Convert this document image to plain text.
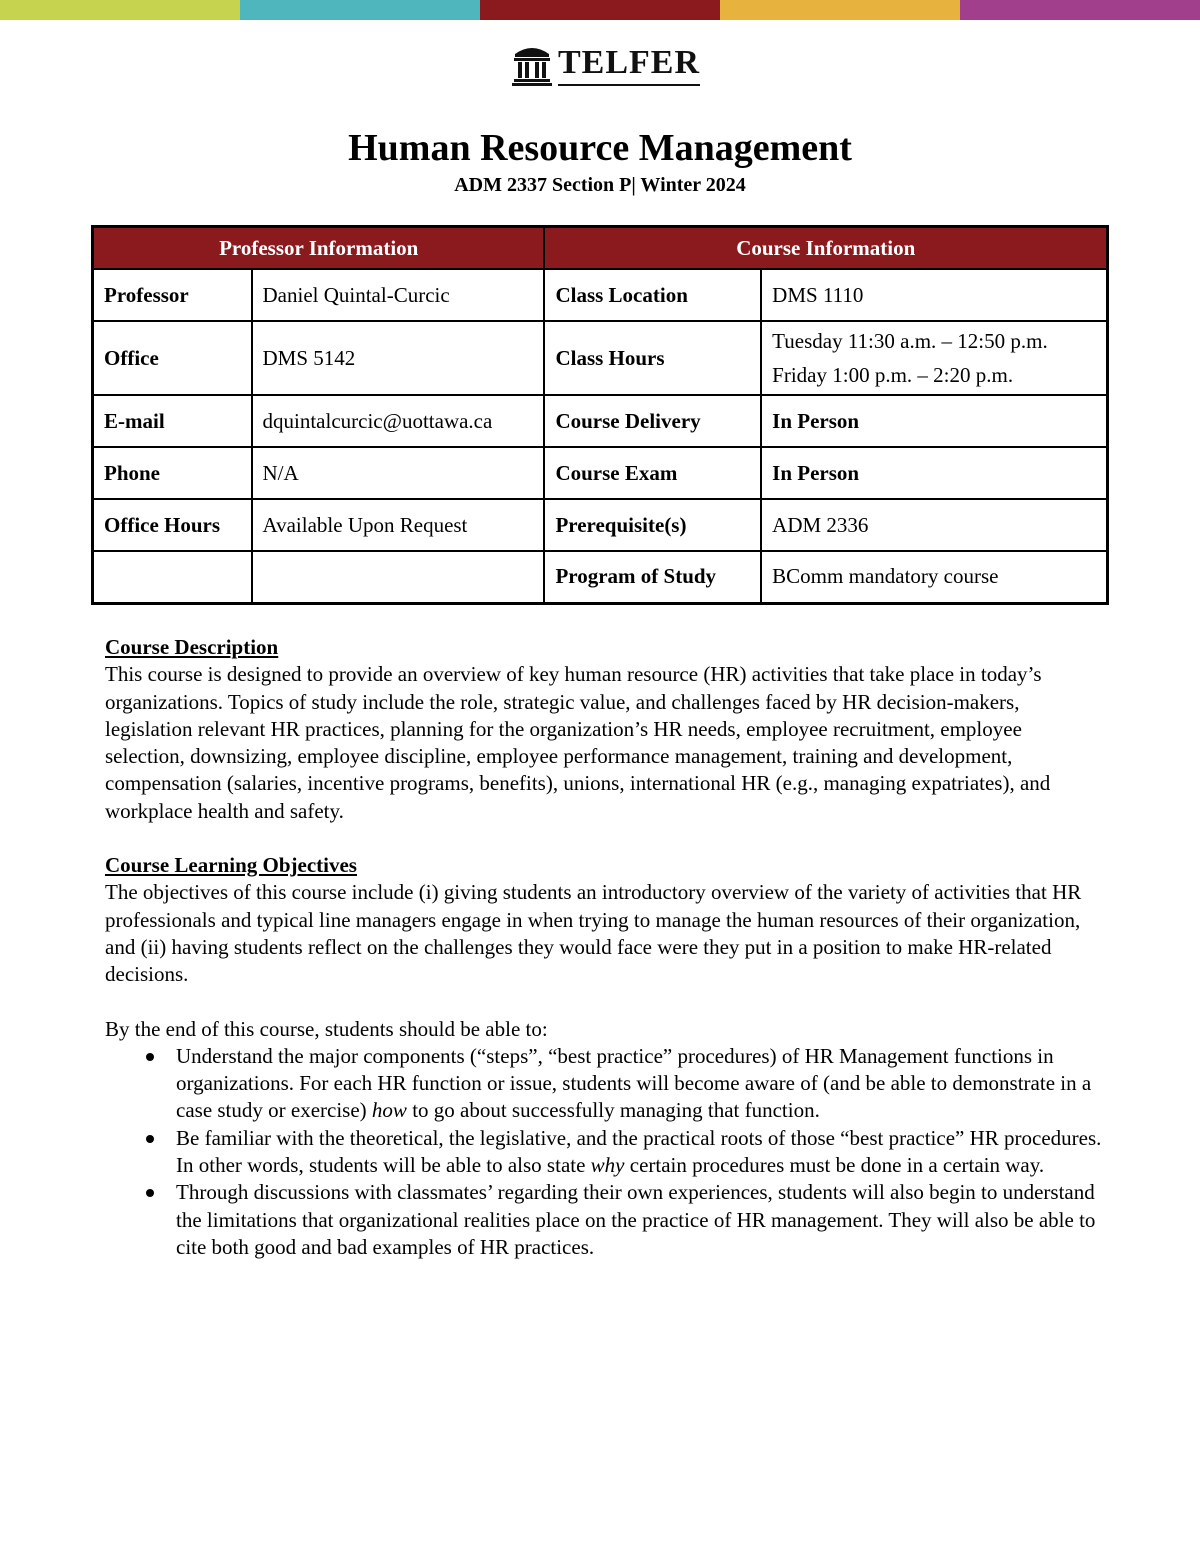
TELFER
Human Resource Management
ADM 2337 Section P| Winter 2024
Professor Information		Course Information	
Professor	Daniel Quintal-Curcic	Class Location	DMS 1110
Office	DMS 5142	Class Hours	Tuesday 11:30 a.m. – 12:50 p.m.
Friday 1:00 p.m. – 2:20 p.m.

E-mail	dquintalcurcic@uottawa.ca	Course Delivery	In Person
Phone	N/A	Course Exam	In Person
Office Hours	Available Upon Request	Prerequisite(s)	ADM 2336
		Program of Study	BComm mandatory course
Course Description

This course is designed to provide an overview of key human resource (HR) activities that take place in today’s organizations. Topics of study include the role, strategic value, and challenges faced by HR decision-makers, legislation relevant HR practices, planning for the organization’s HR needs, employee recruitment, employee selection, downsizing, employee discipline, employee performance management, training and development, compensation (salaries, incentive programs, benefits), unions, international HR (e.g., managing expatriates), and workplace health and safety.

Course Learning Objectives

The objectives of this course include (i) giving students an introductory overview of the variety of activities that HR professionals and typical line managers engage in when trying to manage the human resources of their organization, and (ii) having students reflect on the challenges they would face were they put in a position to make HR-related decisions.

By the end of this course, students should be able to:

Understand the major components (“steps”, “best practice” procedures) of HR Management functions in organizations. For each HR function or issue, students will become aware of (and be able to demonstrate in a case study or exercise) how to go about successfully managing that function.
Be familiar with the theoretical, the legislative, and the practical roots of those “best practice” HR procedures. In other words, students will be able to also state why certain procedures must be done in a certain way.
Through discussions with classmates’ regarding their own experiences, students will also begin to understand the limitations that organizational realities place on the practice of HR management. They will also be able to cite both good and bad examples of HR practices.
